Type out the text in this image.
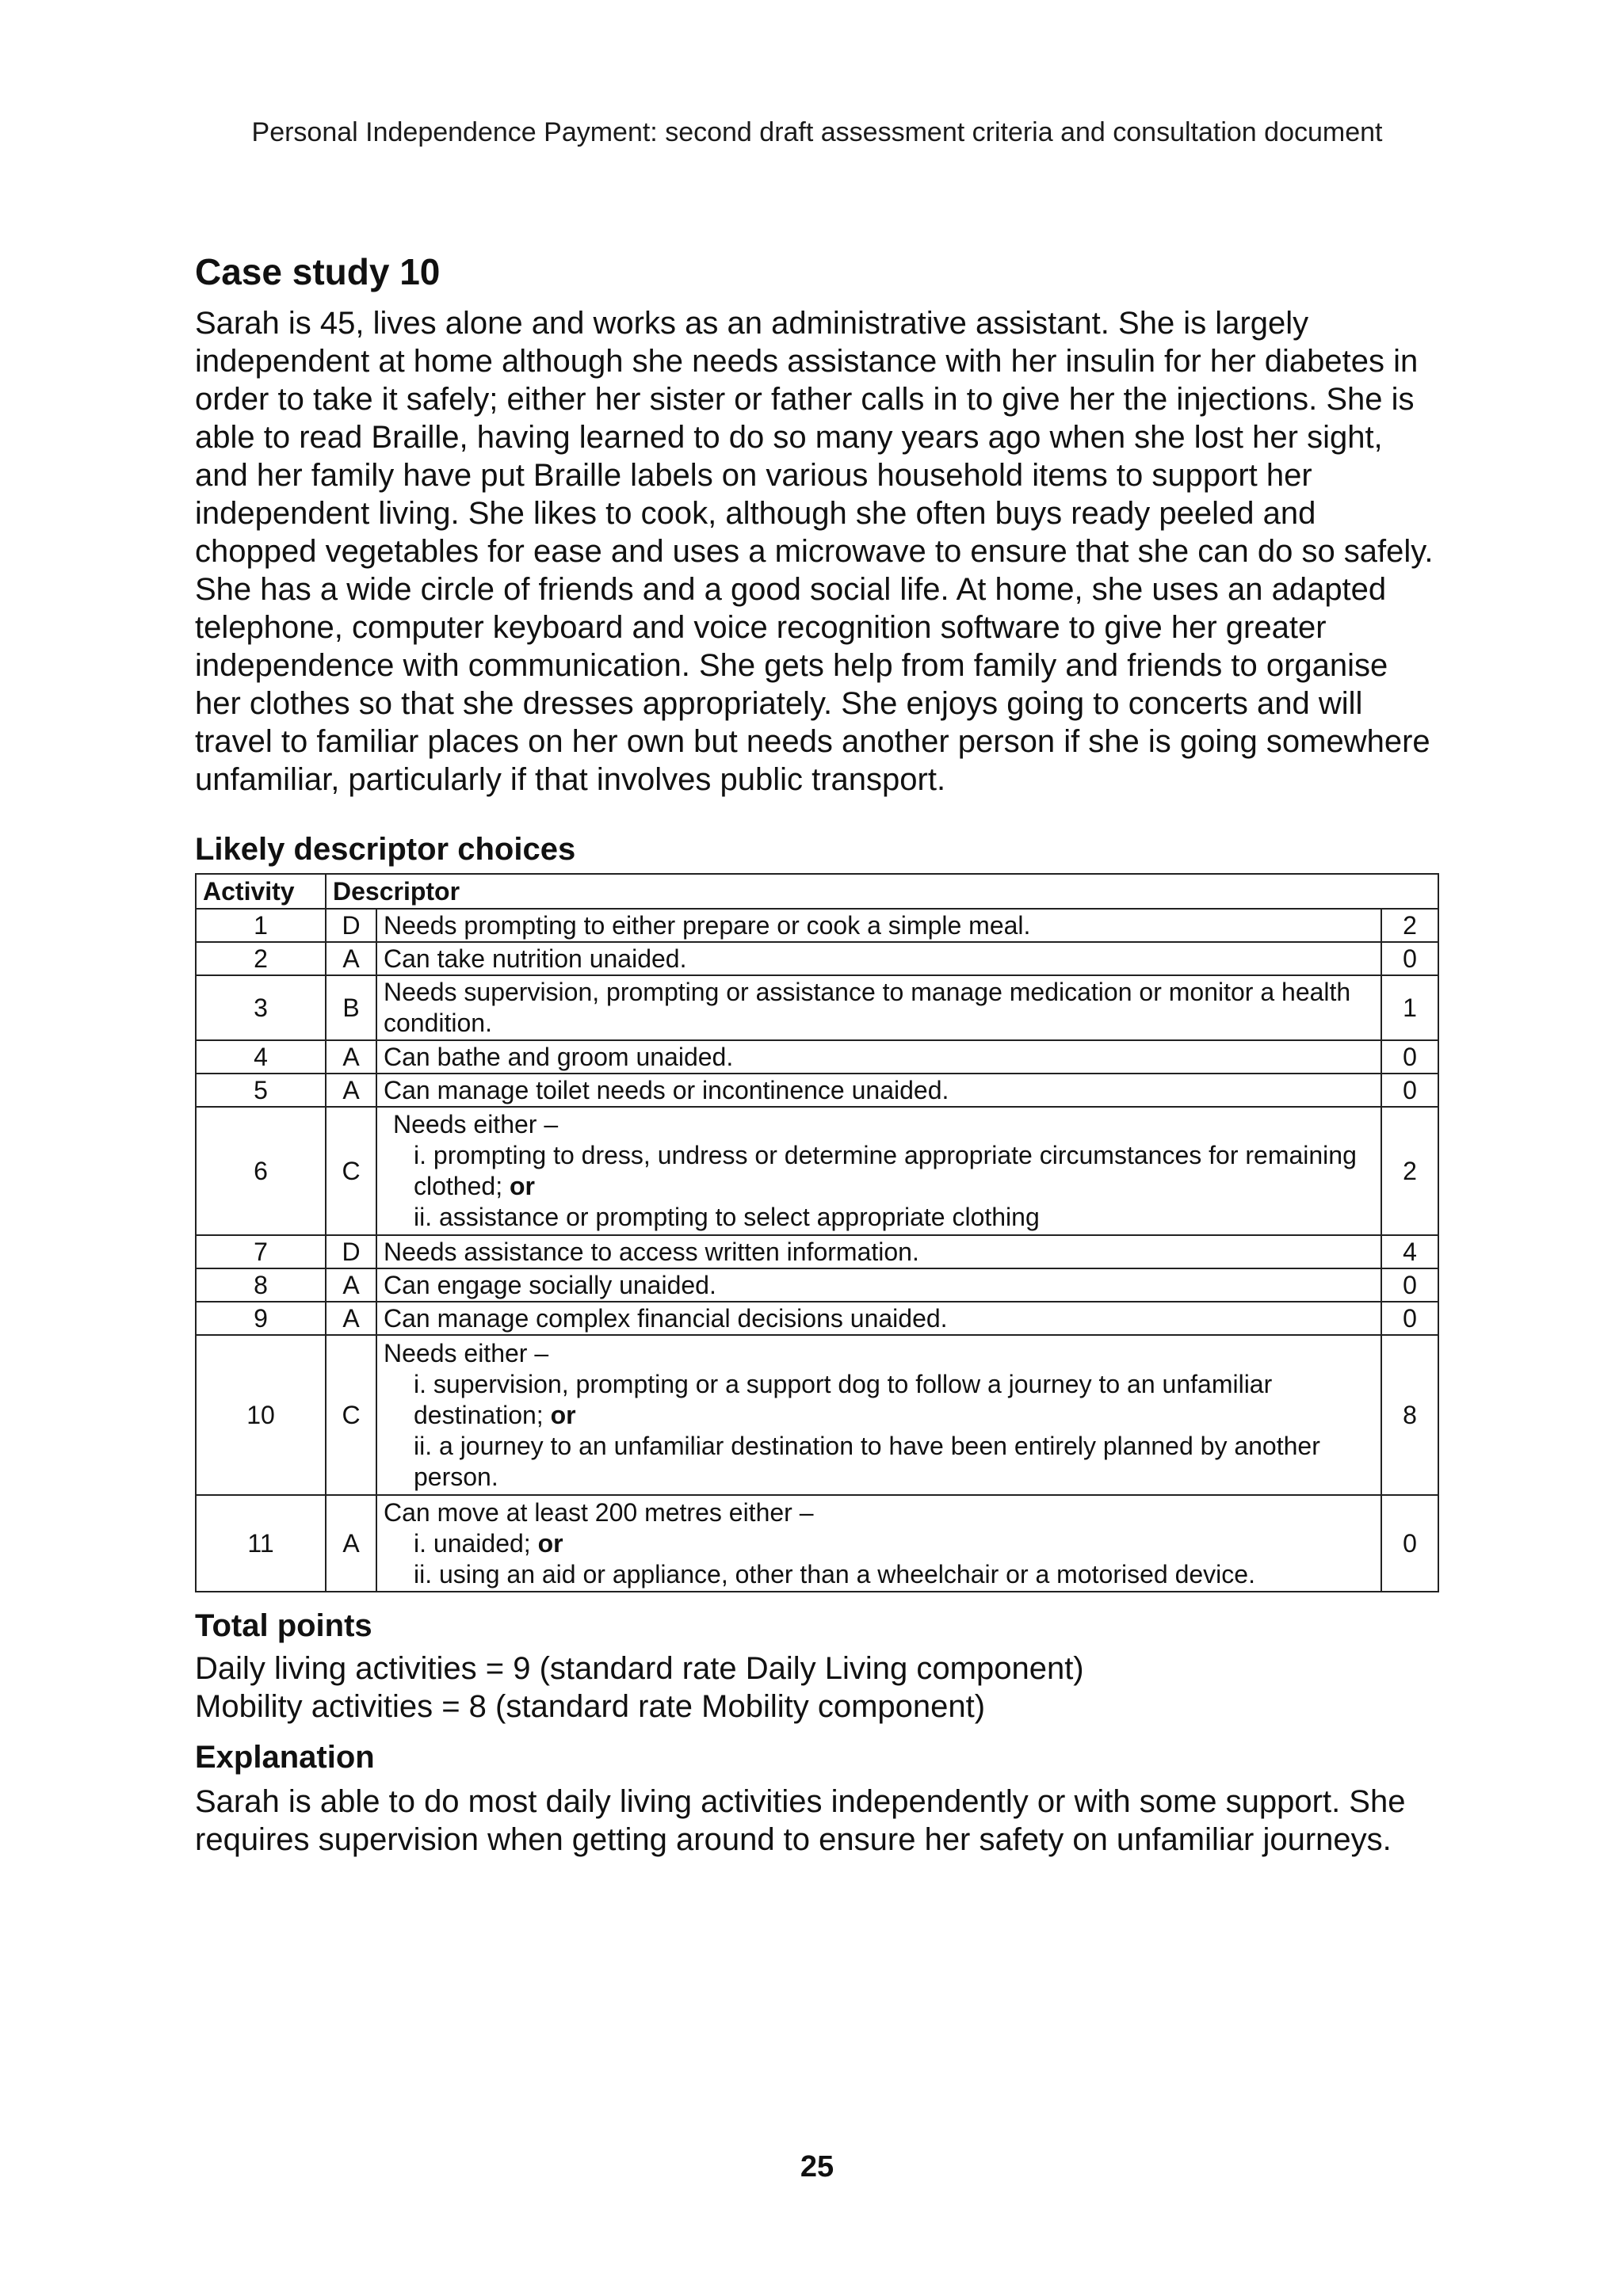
Personal Independence Payment: second draft assessment criteria and consultation document
Case study 10

Sarah is 45, lives alone and works as an administrative assistant. She is largely independent at home although she needs assistance with her insulin for her diabetes in order to take it safely; either her sister or father calls in to give her the injections. She is able to read Braille, having learned to do so many years ago when she lost her sight, and her family have put Braille labels on various household items to support her independent living. She likes to cook, although she often buys ready peeled and chopped vegetables for ease and uses a microwave to ensure that she can do so safely. She has a wide circle of friends and a good social life. At home, she uses an adapted telephone, computer keyboard and voice recognition software to give her greater independence with communication. She gets help from family and friends to organise her clothes so that she dresses appropriately. She enjoys going to concerts and will travel to familiar places on her own but needs another person if she is going somewhere unfamiliar, particularly if that involves public transport.

Likely descriptor choices
Activity	Descriptor		
1	D	Needs prompting to either prepare or cook a simple meal.	2
2	A	Can take nutrition unaided.	0
3	B	Needs supervision, prompting or assistance to manage medication or monitor a health condition.	1
4	A	Can bathe and groom unaided.	0
5	A	Can manage toilet needs or incontinence unaided.	0
6	C	Needs either –
i. prompting to dress, undress or determine appropriate circumstances for remaining clothed; or
ii. assistance or prompting to select appropriate clothing	2
7	D	Needs assistance to access written information.	4
8	A	Can engage socially unaided.	0
9	A	Can manage complex financial decisions unaided.	0
10	C	Needs either –
i. supervision, prompting or a support dog to follow a journey to an unfamiliar destination; or
ii. a journey to an unfamiliar destination to have been entirely planned by another person.	8
11	A	Can move at least 200 metres either –
i. unaided; or
ii. using an aid or appliance, other than a wheelchair or a motorised device.	0
Total points

Daily living activities = 9 (standard rate Daily Living component)

Mobility activities = 8 (standard rate Mobility component)

Explanation

Sarah is able to do most daily living activities independently or with some support. She requires supervision when getting around to ensure her safety on unfamiliar journeys.

25
